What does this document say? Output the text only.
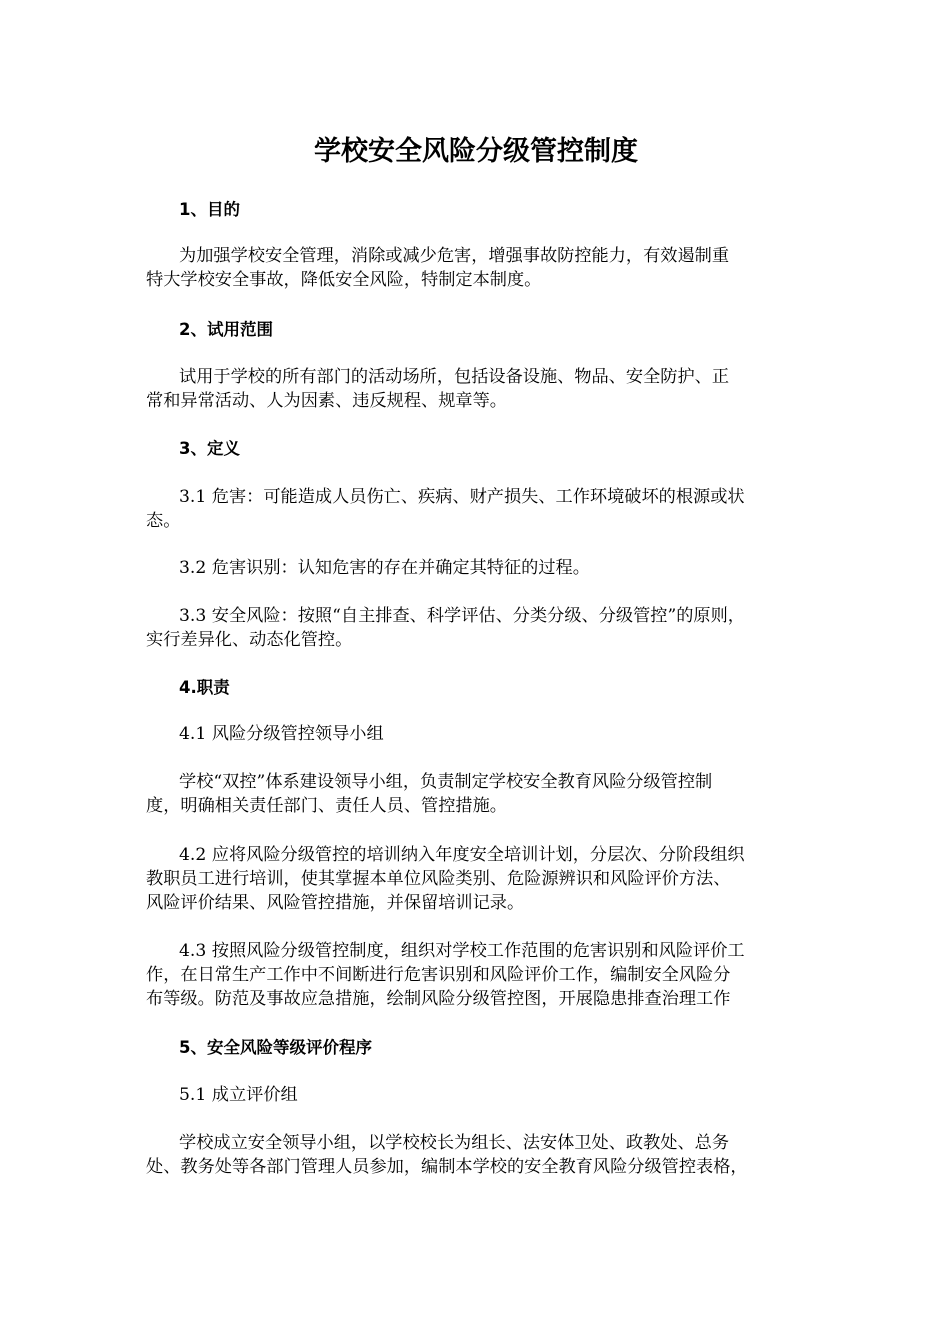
学校安全风险分级管控制度
1、目的
为加强学校安全管理，消除或减少危害，增强事故防控能力，有效遏制重
特大学校安全事故，降低安全风险，特制定本制度。
2、试用范围
试用于学校的所有部门的活动场所，包括设备设施、物品、安全防护、正
常和异常活动、人为因素、违反规程、规章等。
3、定义
3.1 危害：可能造成人员伤亡、疾病、财产损失、工作环境破坏的根源或状
态。
3.2 危害识别：认知危害的存在并确定其特征的过程。
3.3 安全风险：按照“自主排查、科学评估、分类分级、分级管控”的原则，
实行差异化、动态化管控。
4.职责
4.1 风险分级管控领导小组
学校“双控”体系建设领导小组，负责制定学校安全教育风险分级管控制
度，明确相关责任部门、责任人员、管控措施。
4.2 应将风险分级管控的培训纳入年度安全培训计划，分层次、分阶段组织
教职员工进行培训，使其掌握本单位风险类别、危险源辨识和风险评价方法、
风险评价结果、风险管控措施，并保留培训记录。
4.3 按照风险分级管控制度，组织对学校工作范围的危害识别和风险评价工
作，在日常生产工作中不间断进行危害识别和风险评价工作，编制安全风险分
布等级。防范及事故应急措施，绘制风险分级管控图，开展隐患排查治理工作
5、安全风险等级评价程序
5.1 成立评价组
学校成立安全领导小组，以学校校长为组长、法安体卫处、政教处、总务
处、教务处等各部门管理人员参加，编制本学校的安全教育风险分级管控表格，
